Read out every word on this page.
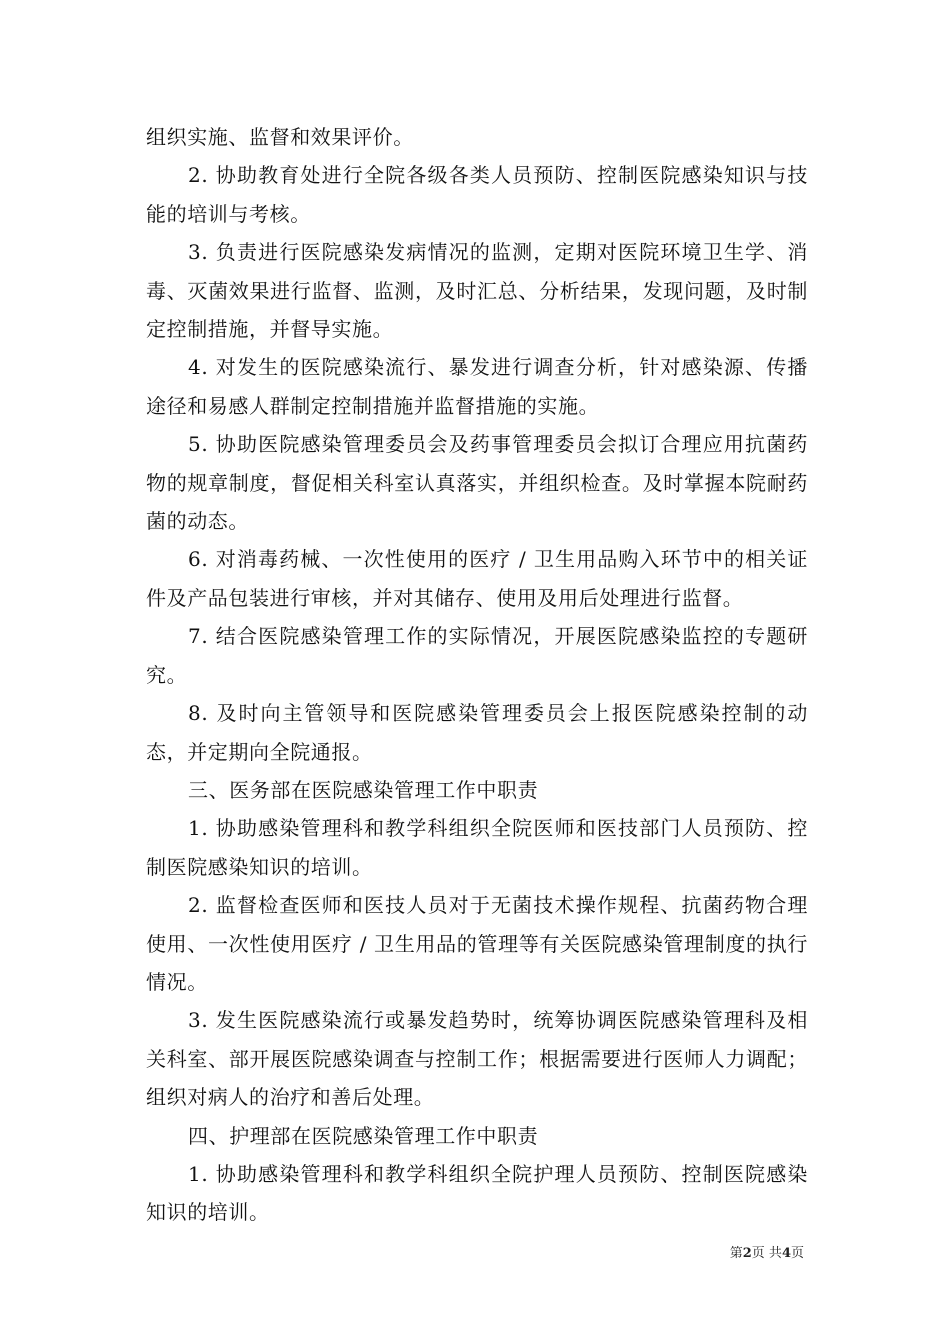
组织实施、监督和效果评价。

2. 协助教育处进行全院各级各类人员预防、控制医院感染知识与技能的培训与考核。

3. 负责进行医院感染发病情况的监测，定期对医院环境卫生学、消毒、灭菌效果进行监督、监测，及时汇总、分析结果，发现问题，及时制定控制措施，并督导实施。

4. 对发生的医院感染流行、暴发进行调查分析，针对感染源、传播途径和易感人群制定控制措施并监督措施的实施。

5. 协助医院感染管理委员会及药事管理委员会拟订合理应用抗菌药物的规章制度，督促相关科室认真落实，并组织检查。及时掌握本院耐药菌的动态。

6. 对消毒药械、一次性使用的医疗 / 卫生用品购入环节中的相关证件及产品包装进行审核，并对其储存、使用及用后处理进行监督。

7. 结合医院感染管理工作的实际情况，开展医院感染监控的专题研究。

8. 及时向主管领导和医院感染管理委员会上报医院感染控制的动态，并定期向全院通报。

三、医务部在医院感染管理工作中职责

1. 协助感染管理科和教学科组织全院医师和医技部门人员预防、控制医院感染知识的培训。

2. 监督检查医师和医技人员对于无菌技术操作规程、抗菌药物合理使用、一次性使用医疗 / 卫生用品的管理等有关医院感染管理制度的执行情况。

3. 发生医院感染流行或暴发趋势时，统筹协调医院感染管理科及相关科室、部开展医院感染调查与控制工作；根据需要进行医师人力调配；组织对病人的治疗和善后处理。

四、护理部在医院感染管理工作中职责

1. 协助感染管理科和教学科组织全院护理人员预防、控制医院感染知识的培训。

第2页 共4页
